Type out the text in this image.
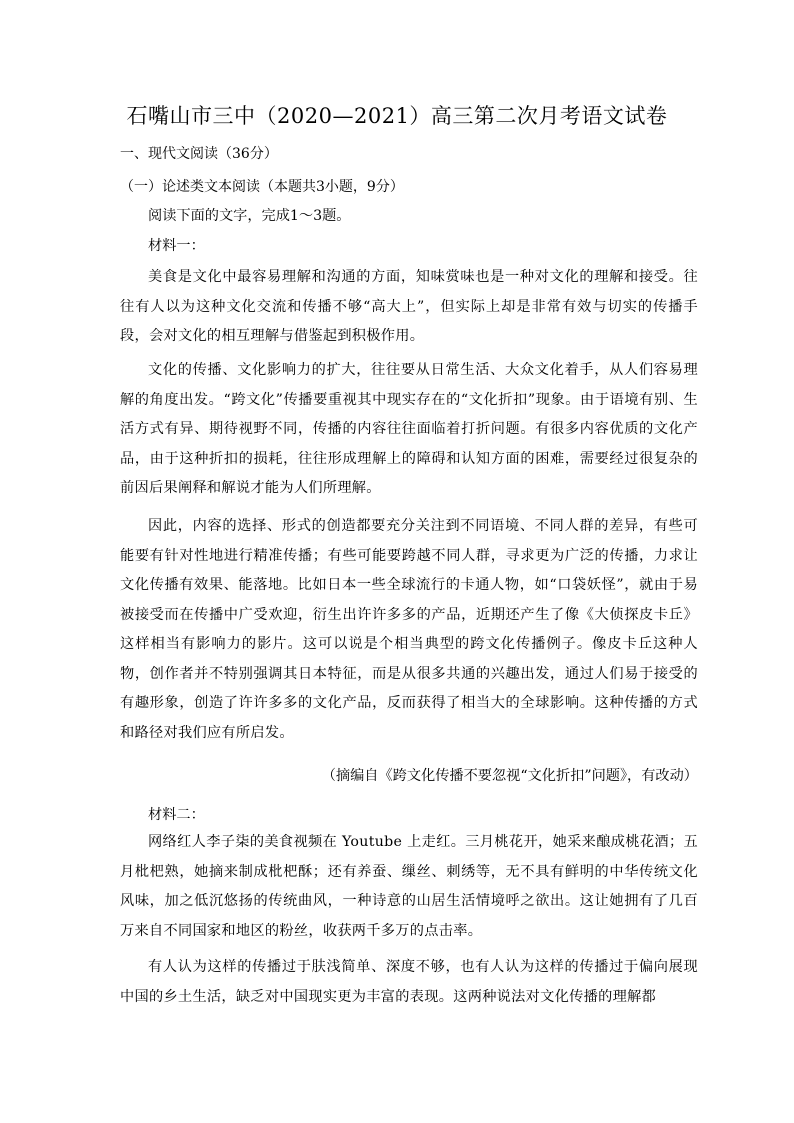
石嘴山市三中（2020—2021）高三第二次月考语文试卷
一、现代文阅读（36分）
（一）论述类文本阅读（本题共3小题，9分）
阅读下面的文字，完成1～3题。
材料一：

美食是文化中最容易理解和沟通的方面，知味赏味也是一种对文化的理解和接受。往往有人以为这种文化交流和传播不够“高大上”，但实际上却是非常有效与切实的传播手段，会对文化的相互理解与借鉴起到积极作用。

文化的传播、文化影响力的扩大，往往要从日常生活、大众文化着手，从人们容易理解的角度出发。“跨文化”传播要重视其中现实存在的“文化折扣”现象。由于语境有别、生活方式有异、期待视野不同，传播的内容往往面临着打折问题。有很多内容优质的文化产品，由于这种折扣的损耗，往往形成理解上的障碍和认知方面的困难，需要经过很复杂的前因后果阐释和解说才能为人们所理解。

因此，内容的选择、形式的创造都要充分关注到不同语境、不同人群的差异，有些可能要有针对性地进行精准传播；有些可能要跨越不同人群，寻求更为广泛的传播，力求让文化传播有效果、能落地。比如日本一些全球流行的卡通人物，如“口袋妖怪”，就由于易被接受而在传播中广受欢迎，衍生出许许多多的产品，近期还产生了像《大侦探皮卡丘》这样相当有影响力的影片。这可以说是个相当典型的跨文化传播例子。像皮卡丘这种人物，创作者并不特别强调其日本特征，而是从很多共通的兴趣出发，通过人们易于接受的有趣形象，创造了许许多多的文化产品，反而获得了相当大的全球影响。这种传播的方式和路径对我们应有所启发。

（摘编自《跨文化传播不要忽视“文化折扣”问题》，有改动）
材料二：

网络红人李子柒的美食视频在 Youtube 上走红。三月桃花开，她采来酿成桃花酒；五月枇杷熟，她摘来制成枇杷酥；还有养蚕、缫丝、刺绣等，无不具有鲜明的中华传统文化风味，加之低沉悠扬的传统曲风，一种诗意的山居生活情境呼之欲出。这让她拥有了几百万来自不同国家和地区的粉丝，收获两千多万的点击率。

有人认为这样的传播过于肤浅简单、深度不够，也有人认为这样的传播过于偏向展现中国的乡土生活，缺乏对中国现实更为丰富的表现。这两种说法对文化传播的理解都
